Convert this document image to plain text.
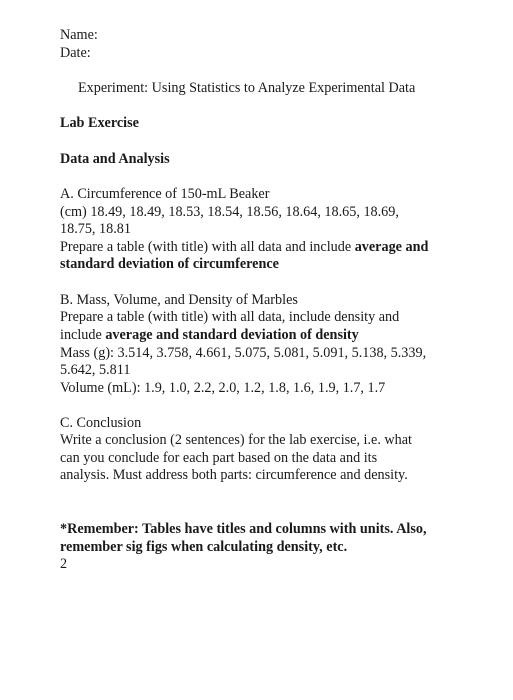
Name:
Date:
Experiment: Using Statistics to Analyze Experimental Data
Lab Exercise
Data and Analysis
A. Circumference of 150-mL Beaker
(cm) 18.49, 18.49, 18.53, 18.54, 18.56, 18.64, 18.65, 18.69,
18.75, 18.81
Prepare a table (with title) with all data and include average and
standard deviation of circumference
B. Mass, Volume, and Density of Marbles
Prepare a table (with title) with all data, include density and
include average and standard deviation of density
Mass (g): 3.514, 3.758, 4.661, 5.075, 5.081, 5.091, 5.138, 5.339,
5.642, 5.811
Volume (mL): 1.9, 1.0, 2.2, 2.0, 1.2, 1.8, 1.6, 1.9, 1.7, 1.7
C. Conclusion
Write a conclusion (2 sentences) for the lab exercise, i.e. what
can you conclude for each part based on the data and its
analysis. Must address both parts: circumference and density.
*Remember: Tables have titles and columns with units. Also,
remember sig figs when calculating density, etc.
2
